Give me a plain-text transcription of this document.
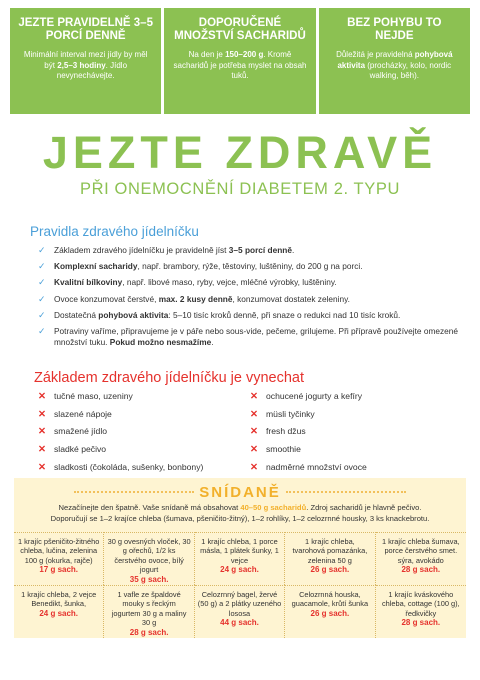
JEZTE PRAVIDELNĚ 3–5 PORCÍ DENNĚ
Minimální interval mezi jídly by měl být 2,5–3 hodiny. Jídlo nevynechávejte.
DOPORUČENÉ MNOŽSTVÍ SACHARIDŮ
Na den je 150–200 g. Kromě sacharidů je potřeba myslet na obsah tuků.
BEZ POHYBU TO NEJDE
Důležitá je pravidelná pohybová aktivita (procházky, kolo, nordic walking, běh).
JEZTE ZDRAVĚ
PŘI ONEMOCNĚNÍ DIABETEM 2. TYPU
Pravidla zdravého jídelníčku
✓ Základem zdravého jídelníčku je pravidelně jíst 3–5 porcí denně.
✓ Komplexní sacharidy, např. brambory, rýže, těstoviny, luštěniny, do 200 g na porci.
✓ Kvalitní bílkoviny, např. libové maso, ryby, vejce, mléčné výrobky, luštěniny.
✓ Ovoce konzumovat čerstvé, max. 2 kusy denně, konzumovat dostatek zeleniny.
✓ Dostatečná pohybová aktivita: 5–10 tisíc kroků denně, při snaze o redukci nad 10 tisíc kroků.
✓ Potraviny vaříme, připravujeme je v páře nebo sous-vide, pečeme, grilujeme. Při přípravě používejte omezené množství tuku. Pokud možno nesmažíme.
Základem zdravého jídelníčku je vynechat
✕ tučné maso, uzeniny
✕ slazené nápoje
✕ smažené jídlo
✕ sladké pečivo
✕ sladkosti (čokoláda, sušenky, bonbony)
✕ ochucené jogurty a kefíry
✕ müsli tyčinky
✕ fresh džus
✕ smoothie
✕ nadměrné množství ovoce
SNÍDANĚ
Nezačínejte den špatně. Vaše snídaně má obsahovat 40–50 g sacharidů. Zdroj sacharidů je hlavně pečivo.
Doporučují se 1–2 krajíce chleba (šumava, pšeničito-žitný), 1–2 rohlíky, 1–2 celozrnné housky, 3 ks knackebrotu.
1 krajíc pšeničito-žitného chleba, lučina, zelenina 100 g (okurka, rajče)
17 g sach.
30 g ovesných vloček, 30 g ořechů, 1/2 ks čerstvého ovoce, bílý jogurt
35 g sach.
1 krajíc chleba, 1 porce másla, 1 plátek šunky, 1 vejce
24 g sach.
1 krajíc chleba, tvarohová pomazánka, zelenina 50 g
26 g sach.
1 krajíc chleba šumava, porce čerstvého smet. sýra, avokádo
28 g sach.
1 krajíc chleba, 2 vejce Benedikt, šunka,
24 g sach.
1 vafle ze špaldové mouky s řeckým jogurtem 30 g a maliny 30 g
28 g sach.
Celozrnný bagel, žervé (50 g) a 2 plátky uzeného lososa
44 g sach.
Celozrnná houska, guacamole, krůtí šunka
26 g sach.
1 krajíc kváskového chleba, cottage (100 g), ředkvičky
28 g sach.
